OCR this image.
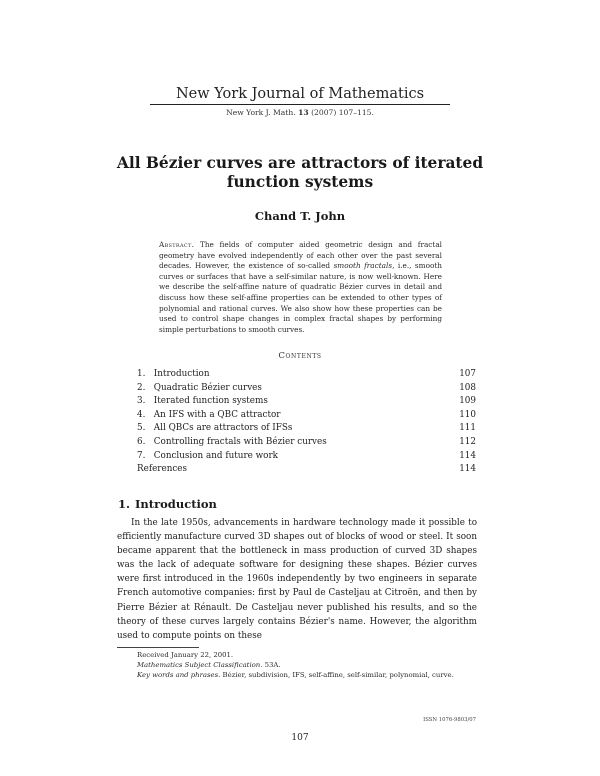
New York Journal of Mathematics
New York J. Math. 13 (2007) 107–115.
All Bézier curves are attractors of iterated function systems
Chand T. John
Abstract. The fields of computer aided geometric design and fractal geometry have evolved independently of each other over the past several decades. However, the existence of so-called smooth fractals, i.e., smooth curves or surfaces that have a self-similar nature, is now well-known. Here we describe the self-affine nature of quadratic Bézier curves in detail and discuss how these self-affine properties can be extended to other types of polynomial and rational curves. We also show how these properties can be used to control shape changes in complex fractal shapes by performing simple perturbations to smooth curves.
Contents
1. Introduction	107
2. Quadratic Bézier curves	108
3. Iterated function systems	109
4. An IFS with a QBC attractor	110
5. All QBCs are attractors of IFSs	111
6. Controlling fractals with Bézier curves	112
7. Conclusion and future work	114
References	114
1. Introduction
In the late 1950s, advancements in hardware technology made it possible to efficiently manufacture curved 3D shapes out of blocks of wood or steel. It soon became apparent that the bottleneck in mass production of curved 3D shapes was the lack of adequate software for designing these shapes. Bézier curves were first introduced in the 1960s independently by two engineers in separate French automotive companies: first by Paul de Casteljau at Citroën, and then by Pierre Bézier at Rénault. De Casteljau never published his results, and so the theory of these curves largely contains Bézier's name. However, the algorithm used to compute points on these
Received January 22, 2001.
Mathematics Subject Classification. 53A.
Key words and phrases. Bézier, subdivision, IFS, self-affine, self-similar, polynomial, curve.
ISSN 1076-9803/07
107
